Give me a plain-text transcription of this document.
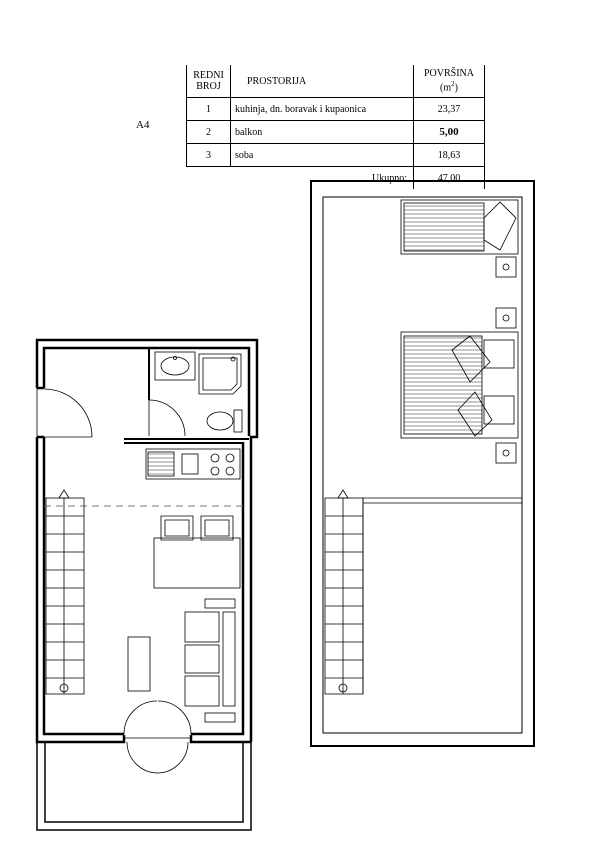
A4
REDNI
BROJ	PROSTORIJA	POVRŠINA
$(m^2)$
1	kuhinja, dn. boravak i kupaonica	23,37
2	balkon	5,00
3	soba	18,63
	Ukupno:	47,00
